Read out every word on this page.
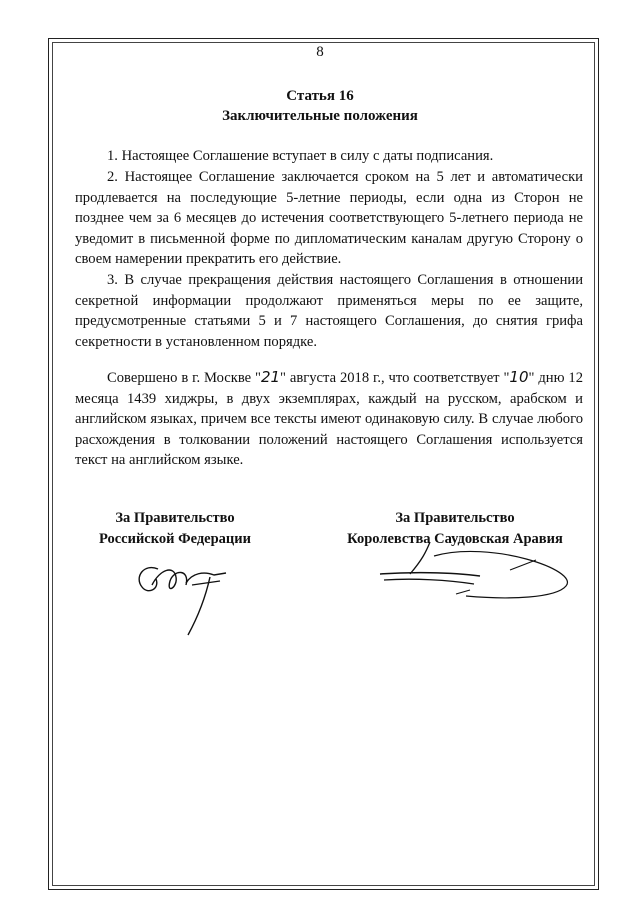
8
Статья 16
Заключительные положения
1. Настоящее Соглашение вступает в силу с даты подписания.
2. Настоящее Соглашение заключается сроком на 5 лет и автоматически продлевается на последующие 5-летние периоды, если одна из Сторон не позднее чем за 6 месяцев до истечения соответствующего 5-летнего периода не уведомит в письменной форме по дипломатическим каналам другую Сторону о своем намерении прекратить его действие.
3. В случае прекращения действия настоящего Соглашения в отношении секретной информации продолжают применяться меры по ее защите, предусмотренные статьями 5 и 7 настоящего Соглашения, до снятия грифа секретности в установленном порядке.
Совершено в г. Москве "21" августа 2018 г., что соответствует "10" дню 12 месяца 1439 хиджры, в двух экземплярах, каждый на русском, арабском и английском языках, причем все тексты имеют одинаковую силу. В случае любого расхождения в толковании положений настоящего Соглашения используется текст на английском языке.
За Правительство
Российской Федерации
За Правительство
Королевства Саудовская Аравия
